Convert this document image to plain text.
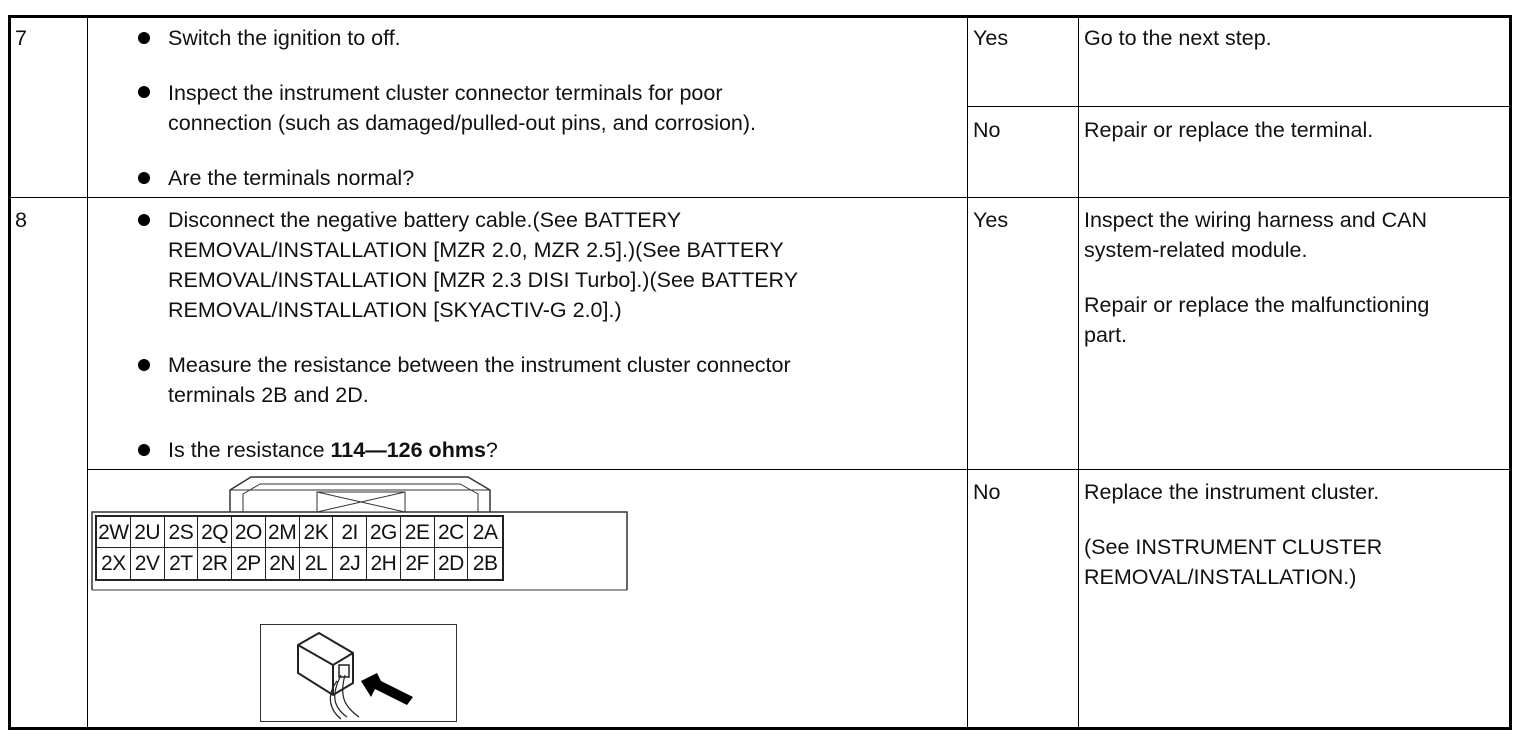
7	Switch the ignition to off.
Inspect the instrument cluster connector terminals for poor
connection (such as damaged/pulled-out pins, and corrosion).
Are the terminals normal?
Yes	Go to the next step.
No	Repair or replace the terminal.
8	Disconnect the negative battery cable.(See BATTERY
REMOVAL/INSTALLATION [MZR 2.0, MZR 2.5].)(See BATTERY
REMOVAL/INSTALLATION [MZR 2.3 DISI Turbo].)(See BATTERY
REMOVAL/INSTALLATION [SKYACTIV-G 2.0].)
Measure the resistance between the instrument cluster connector
terminals 2B and 2D.
Is the resistance 114—126 ohms?
Yes	Inspect the wiring harness and CAN
system-related module.
Repair or replace the malfunctioning
part.
No	Replace the instrument cluster.
(See INSTRUMENT CLUSTER
REMOVAL/INSTALLATION.)
2W 2U 2S 2Q 2O 2M 2K 2I 2G 2E 2C 2A
2X 2V 2T 2R 2P 2N 2L 2J 2H 2F 2D 2B
